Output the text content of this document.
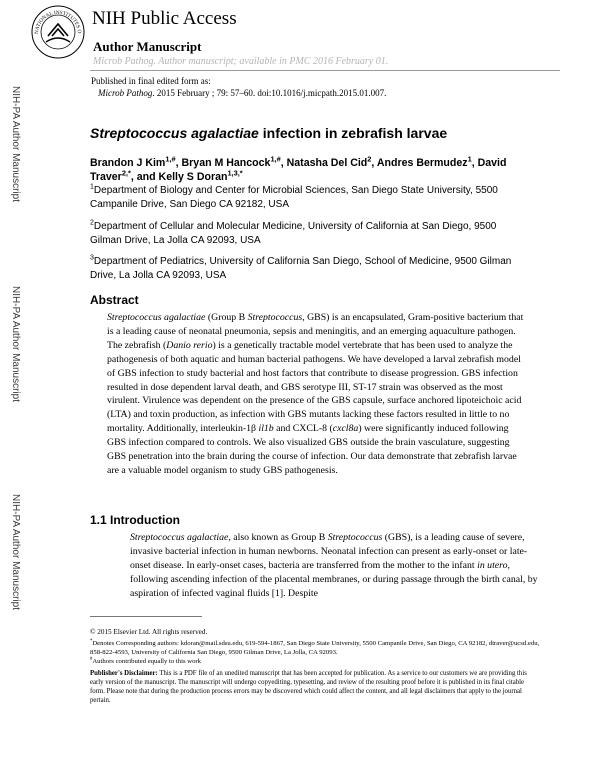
NATIONAL INSTITUTES O
NIH Public Access
Author Manuscript
Microb Pathog. Author manuscript; available in PMC 2016 February 01.
Published in final edited form as:
Microb Pathog. 2015 February ; 79: 57–60. doi:10.1016/j.micpath.2015.01.007.
NIH-PA Author Manuscript
NIH-PA Author Manuscript
NIH-PA Author Manuscript
Streptococcus agalactiae infection in zebrafish larvae
Brandon J Kim$^{1,\#}$, Bryan M Hancock$^{1,\#}$, Natasha Del Cid$^2$, Andres Bermudez$^1$, David Traver$^{2,*}$, and Kelly S Doran$^{1,3,*}$
$^1$Department of Biology and Center for Microbial Sciences, San Diego State University, 5500 Campanile Drive, San Diego CA 92182, USA
$^2$Department of Cellular and Molecular Medicine, University of California at San Diego, 9500 Gilman Drive, La Jolla CA 92093, USA
$^3$Department of Pediatrics, University of California San Diego, School of Medicine, 9500 Gilman Drive, La Jolla CA 92093, USA
Abstract
Streptococcus agalactiae (Group B Streptococcus, GBS) is an encapsulated, Gram-positive bacterium that is a leading cause of neonatal pneumonia, sepsis and meningitis, and an emerging aquaculture pathogen. The zebrafish (Danio rerio) is a genetically tractable model vertebrate that has been used to analyze the pathogenesis of both aquatic and human bacterial pathogens. We have developed a larval zebrafish model of GBS infection to study bacterial and host factors that contribute to disease progression. GBS infection resulted in dose dependent larval death, and GBS serotype III, ST-17 strain was observed as the most virulent. Virulence was dependent on the presence of the GBS capsule, surface anchored lipoteichoic acid (LTA) and toxin production, as infection with GBS mutants lacking these factors resulted in little to no mortality. Additionally, interleukin-1β il1b and CXCL-8 (cxcl8a) were significantly induced following GBS infection compared to controls. We also visualized GBS outside the brain vasculature, suggesting GBS penetration into the brain during the course of infection. Our data demonstrate that zebrafish larvae are a valuable model organism to study GBS pathogenesis.
1.1 Introduction
Streptococcus agalactiae, also known as Group B Streptococcus (GBS), is a leading cause of severe, invasive bacterial infection in human newborns. Neonatal infection can present as early-onset or late-onset disease. In early-onset cases, bacteria are transferred from the mother to the infant in utero, following ascending infection of the placental membranes, or during passage through the birth canal, by aspiration of infected vaginal fluids [1]. Despite
© 2015 Elsevier Ltd. All rights reserved.
*Denotes Corresponding authors: kdoran@mail.sdsu.edu, 619-594-1867, San Diego State University, 5500 Campanile Drive, San Diego, CA 92182, dtraver@ucsd.edu, 858-822-4593, University of California San Diego, 9500 Gilman Drive, La Jolla, CA 92093.
#Authors contributed equally to this work
Publisher's Disclaimer: This is a PDF file of an unedited manuscript that has been accepted for publication. As a service to our customers we are providing this early version of the manuscript. The manuscript will undergo copyediting, typesetting, and review of the resulting proof before it is published in its final citable form. Please note that during the production process errors may be discovered which could affect the content, and all legal disclaimers that apply to the journal pertain.
